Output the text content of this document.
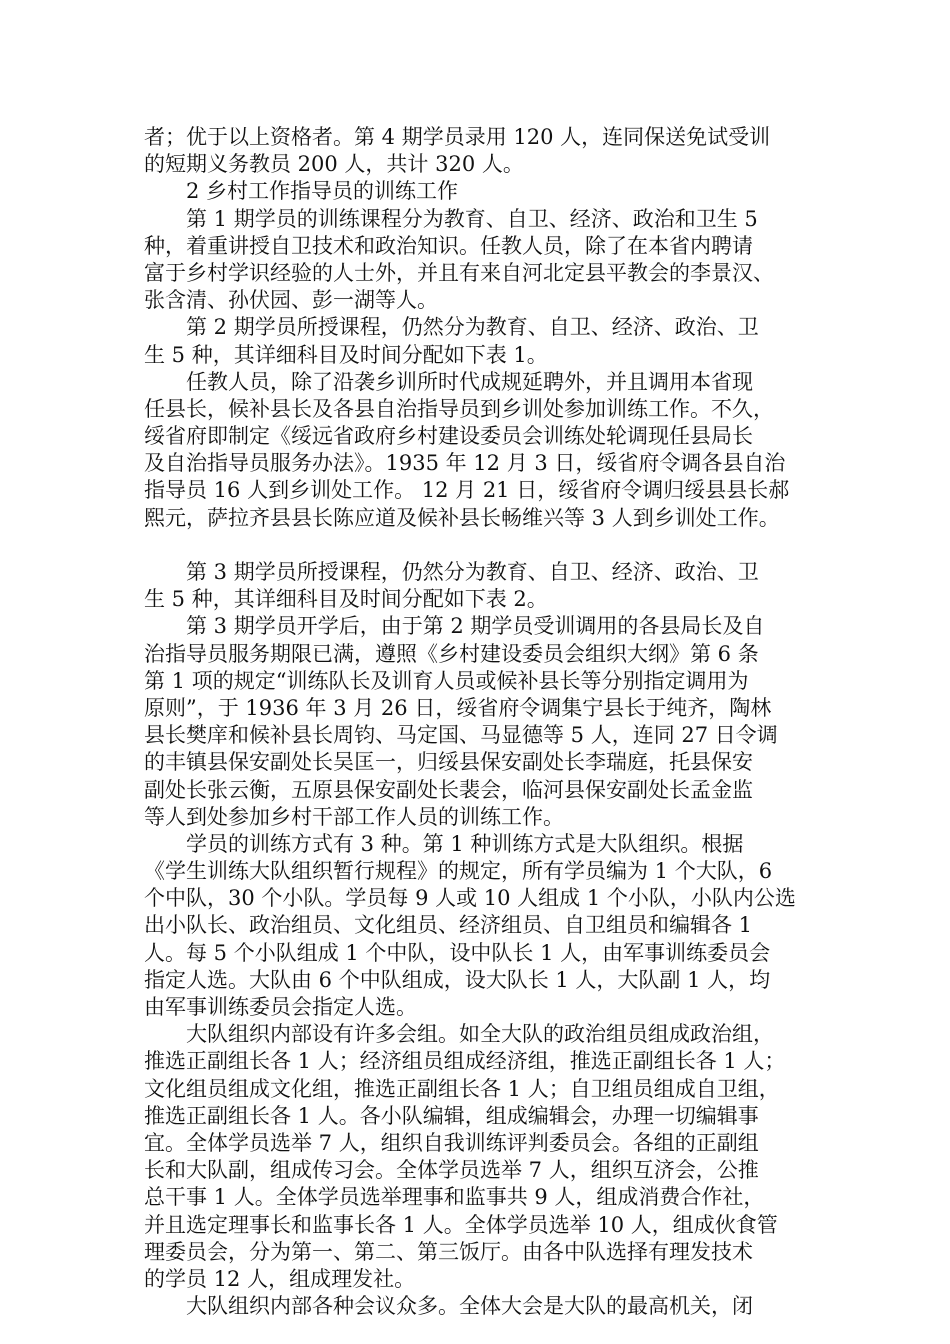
者；优于以上资格者。第 4 期学员录用 120 人，连同保送免试受训
的短期义务教员 200 人，共计 320 人。
2 乡村工作指导员的训练工作
第 1 期学员的训练课程分为教育、自卫、经济、政治和卫生 5
种，着重讲授自卫技术和政治知识。任教人员，除了在本省内聘请
富于乡村学识经验的人士外，并且有来自河北定县平教会的李景汉、
张含清、孙伏园、彭一湖等人。
第 2 期学员所授课程，仍然分为教育、自卫、经济、政治、卫
生 5 种，其详细科目及时间分配如下表 1。
任教人员，除了沿袭乡训所时代成规延聘外，并且调用本省现
任县长，候补县长及各县自治指导员到乡训处参加训练工作。不久，
绥省府即制定《绥远省政府乡村建设委员会训练处轮调现任县局长
及自治指导员服务办法》。1935 年 12 月 3 日，绥省府令调各县自治
指导员 16 人到乡训处工作。 12 月 21 日，绥省府令调归绥县县长郝
熙元，萨拉齐县县长陈应道及候补县长畅维兴等 3 人到乡训处工作。
第 3 期学员所授课程，仍然分为教育、自卫、经济、政治、卫
生 5 种，其详细科目及时间分配如下表 2。
第 3 期学员开学后，由于第 2 期学员受训调用的各县局长及自
治指导员服务期限已满，遵照《乡村建设委员会组织大纲》第 6 条
第 1 项的规定“训练队长及训育人员或候补县长等分别指定调用为
原则”，于 1936 年 3 月 26 日，绥省府令调集宁县长于纯齐，陶林
县长樊庠和候补县长周钧、马定国、马显德等 5 人，连同 27 日令调
的丰镇县保安副处长吴匡一，归绥县保安副处长李瑞庭，托县保安
副处长张云衡，五原县保安副处长裴会，临河县保安副处长孟金监
等人到处参加乡村干部工作人员的训练工作。
学员的训练方式有 3 种。第 1 种训练方式是大队组织。根据
《学生训练大队组织暂行规程》的规定，所有学员编为 1 个大队，6
个中队，30 个小队。学员每 9 人或 10 人组成 1 个小队，小队内公选
出小队长、政治组员、文化组员、经济组员、自卫组员和编辑各 1
人。每 5 个小队组成 1 个中队，设中队长 1 人，由军事训练委员会
指定人选。大队由 6 个中队组成，设大队长 1 人，大队副 1 人，均
由军事训练委员会指定人选。
大队组织内部设有许多会组。如全大队的政治组员组成政治组，
推选正副组长各 1 人；经济组员组成经济组，推选正副组长各 1 人；
文化组员组成文化组，推选正副组长各 1 人；自卫组员组成自卫组，
推选正副组长各 1 人。各小队编辑，组成编辑会，办理一切编辑事
宜。全体学员选举 7 人，组织自我训练评判委员会。各组的正副组
长和大队副，组成传习会。全体学员选举 7 人，组织互济会，公推
总干事 1 人。全体学员选举理事和监事共 9 人，组成消费合作社，
并且选定理事长和监事长各 1 人。全体学员选举 10 人，组成伙食管
理委员会，分为第一、第二、第三饭厅。由各中队选择有理发技术
的学员 12 人，组成理发社。
大队组织内部各种会议众多。全体大会是大队的最高机关，闭
